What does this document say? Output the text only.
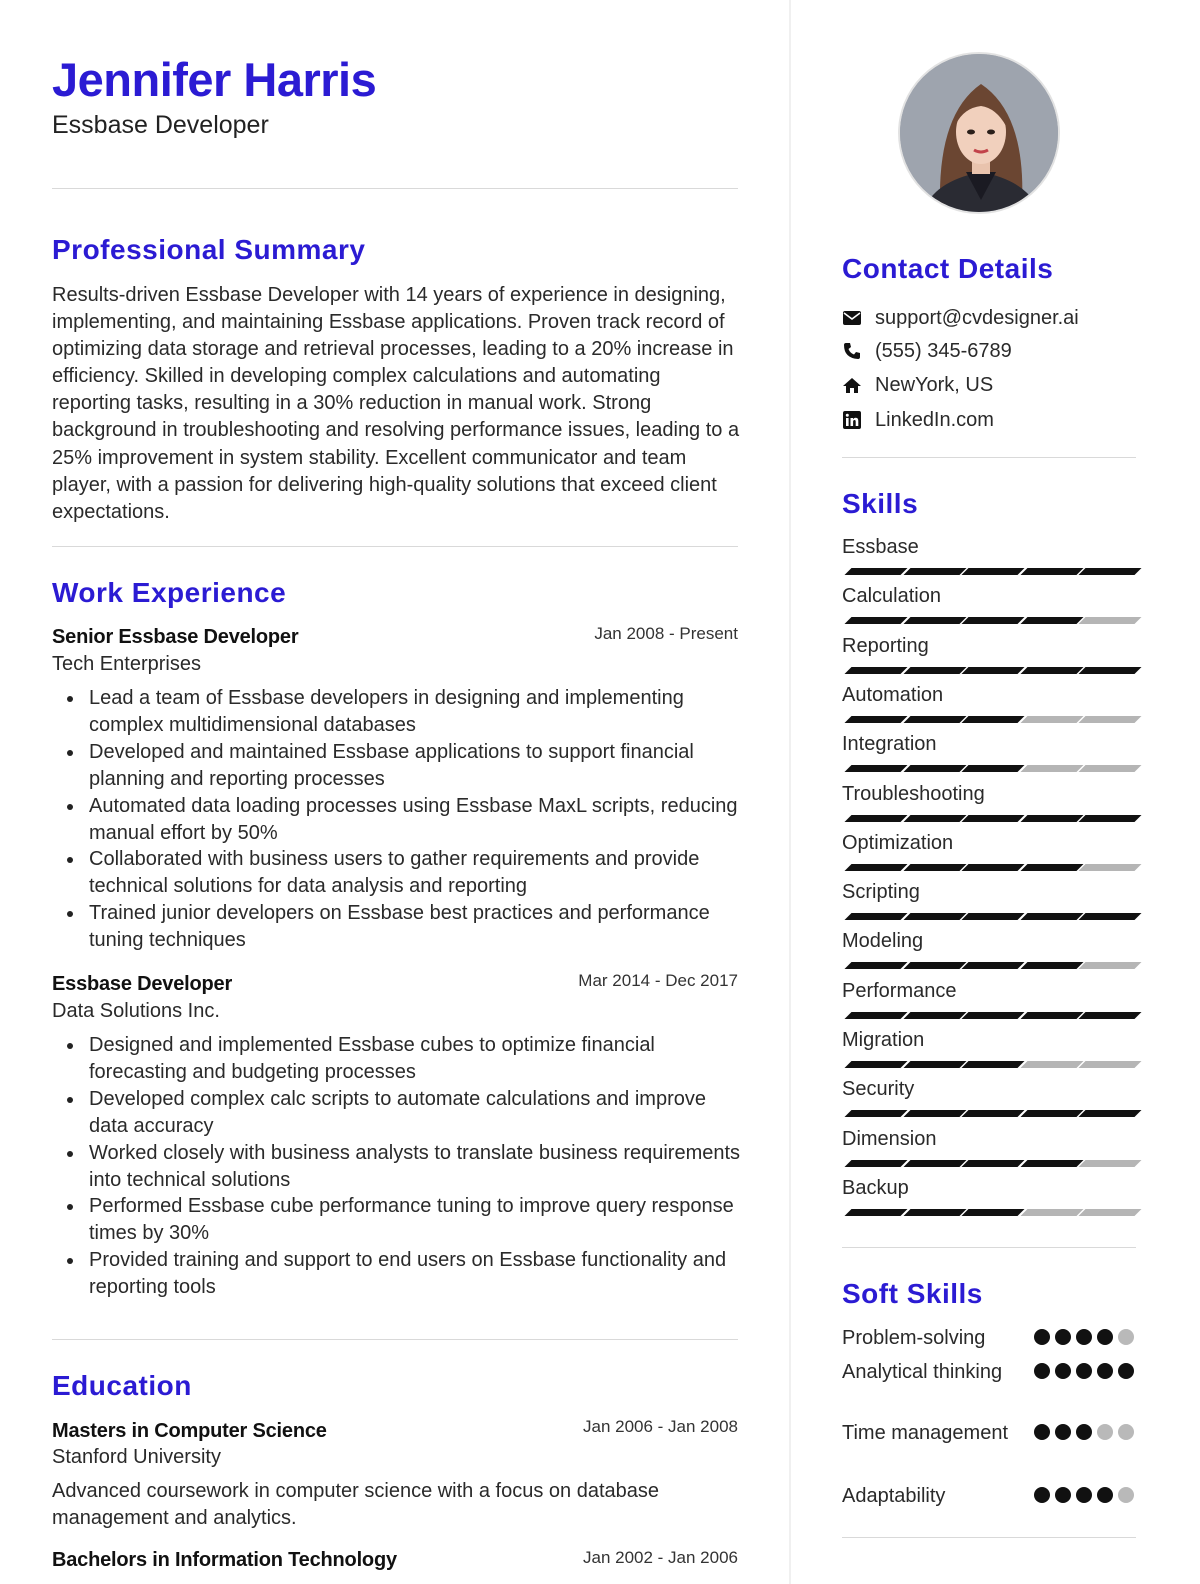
Jennifer Harris
Essbase Developer
Professional Summary

Results-driven Essbase Developer with 14 years of experience in designing, implementing, and maintaining Essbase applications. Proven track record of optimizing data storage and retrieval processes, leading to a 20% increase in efficiency. Skilled in developing complex calculations and automating reporting tasks, resulting in a 30% reduction in manual work. Strong background in troubleshooting and resolving performance issues, leading to a 25% improvement in system stability. Excellent communicator and team player, with a passion for delivering high-quality solutions that exceed client expectations.

Work Experience
Senior Essbase Developer	Jan 2008 - Present
Tech Enterprises
Lead a team of Essbase developers in designing and implementing complex multidimensional databases
Developed and maintained Essbase applications to support financial planning and reporting processes
Automated data loading processes using Essbase MaxL scripts, reducing manual effort by 50%
Collaborated with business users to gather requirements and provide technical solutions for data analysis and reporting
Trained junior developers on Essbase best practices and performance tuning techniques
Essbase Developer	Mar 2014 - Dec 2017
Data Solutions Inc.
Designed and implemented Essbase cubes to optimize financial forecasting and budgeting processes
Developed complex calc scripts to automate calculations and improve data accuracy
Worked closely with business analysts to translate business requirements into technical solutions
Performed Essbase cube performance tuning to improve query response times by 30%
Provided training and support to end users on Essbase functionality and reporting tools
Education
Masters in Computer Science	Jan 2006 - Jan 2008
Stanford University

Advanced coursework in computer science with a focus on database management and analytics.

Bachelors in Information Technology	Jan 2002 - Jan 2006
Contact Details
support@cvdesigner.ai
(555) 345-6789
NewYork, US
LinkedIn.com
Skills
Essbase
Calculation
Reporting
Automation
Integration
Troubleshooting
Optimization
Scripting
Modeling
Performance
Migration
Security
Dimension
Backup
Soft Skills
Problem-solving
Analytical thinking
Time management
Adaptability
